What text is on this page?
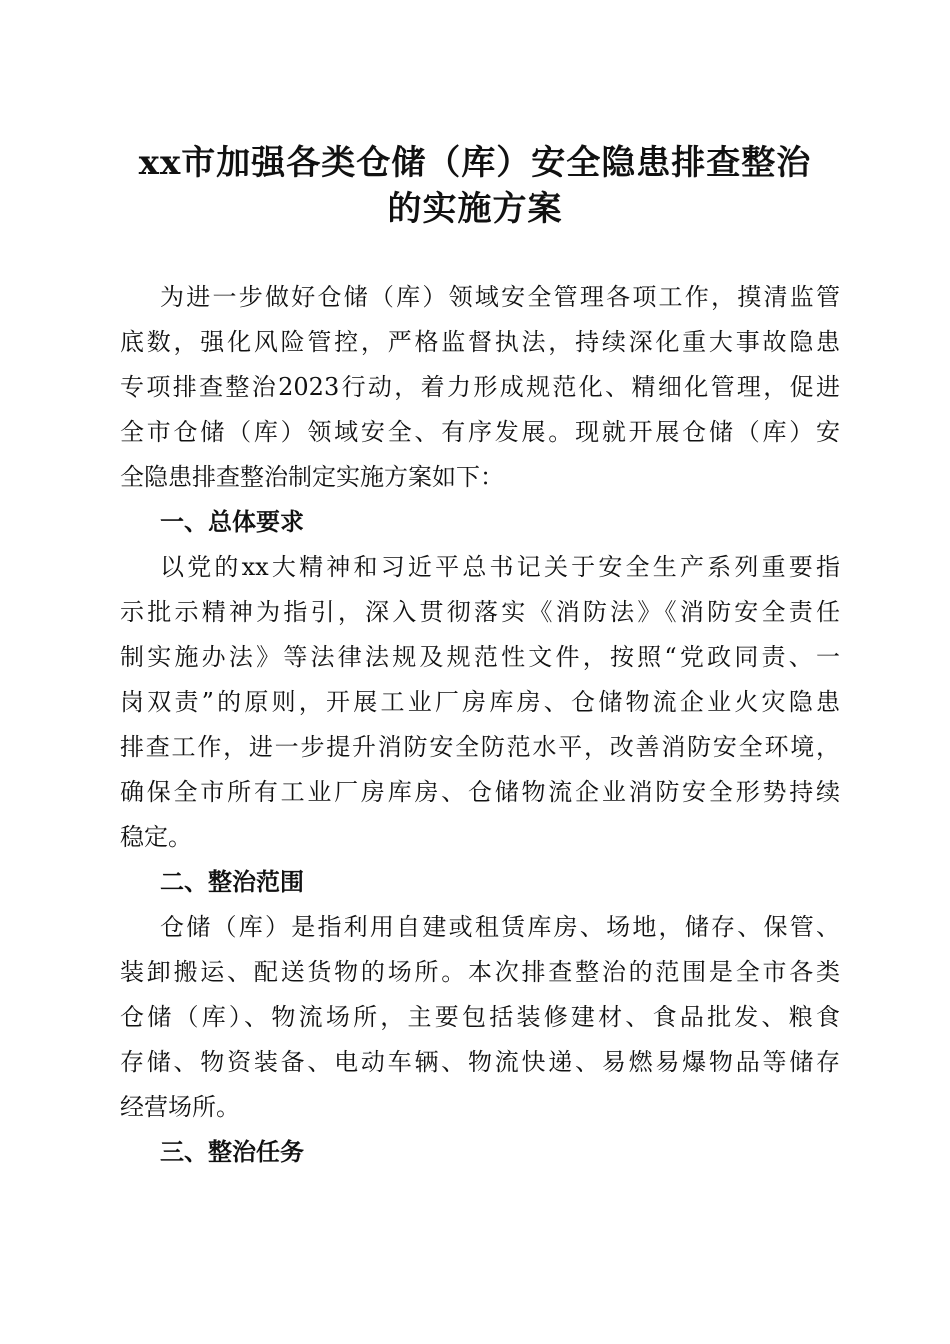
xx市加强各类仓储（库）安全隐患排查整治
的实施方案
为进一步做好仓储（库）领域安全管理各项工作，摸清监管
底数，强化风险管控，严格监督执法，持续深化重大事故隐患
专项排查整治2023行动，着力形成规范化、精细化管理，促进
全市仓储（库）领域安全、有序发展。现就开展仓储（库）安
全隐患排查整治制定实施方案如下：
一、总体要求
以党的xx大精神和习近平总书记关于安全生产系列重要指
示批示精神为指引，深入贯彻落实《消防法》《消防安全责任
制实施办法》等法律法规及规范性文件，按照“党政同责、一
岗双责”的原则，开展工业厂房库房、仓储物流企业火灾隐患
排查工作，进一步提升消防安全防范水平，改善消防安全环境，
确保全市所有工业厂房库房、仓储物流企业消防安全形势持续
稳定。
二、整治范围
仓储（库）是指利用自建或租赁库房、场地，储存、保管、
装卸搬运、配送货物的场所。本次排查整治的范围是全市各类
仓储（库）、物流场所，主要包括装修建材、食品批发、粮食
存储、物资装备、电动车辆、物流快递、易燃易爆物品等储存
经营场所。
三、整治任务
